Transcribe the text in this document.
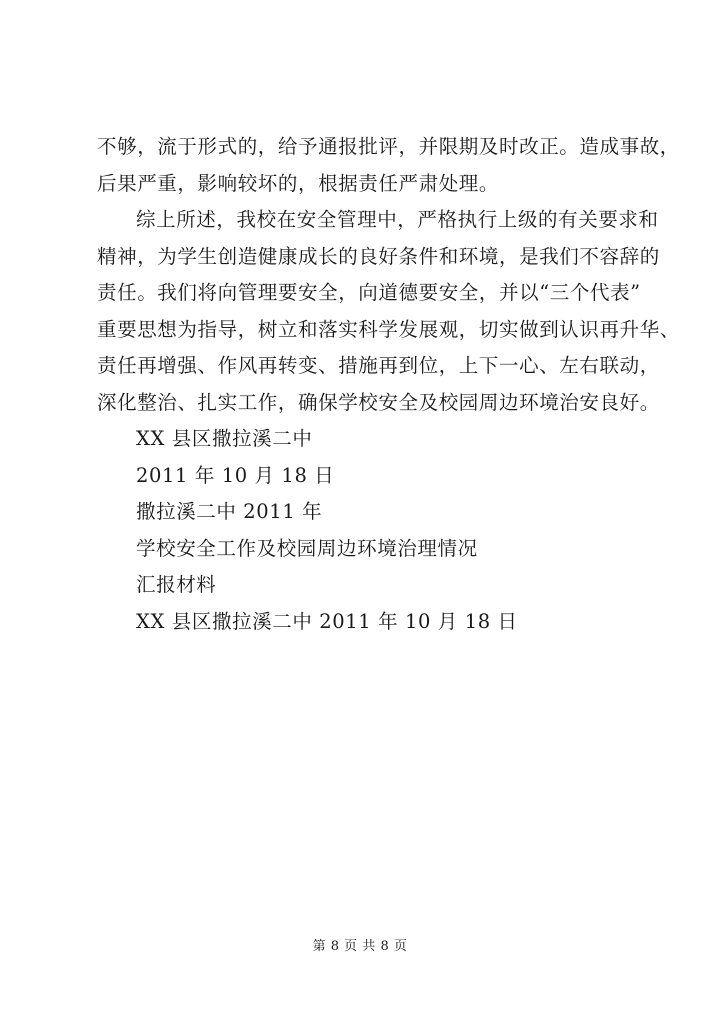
不够，流于形式的，给予通报批评，并限期及时改正。造成事故，
后果严重，影响较坏的，根据责任严肃处理。
综上所述，我校在安全管理中，严格执行上级的有关要求和
精神，为学生创造健康成长的良好条件和环境，是我们不容辞的
责任。我们将向管理要安全，向道德要安全，并以“三个代表”
重要思想为指导，树立和落实科学发展观，切实做到认识再升华、
责任再增强、作风再转变、措施再到位，上下一心、左右联动，
深化整治、扎实工作，确保学校安全及校园周边环境治安良好。
XX 县区撒拉溪二中
2011 年 10 月 18 日
撒拉溪二中 2011 年
学校安全工作及校园周边环境治理情况
汇报材料
XX 县区撒拉溪二中 2011 年 10 月 18 日
第 8 页 共 8 页
